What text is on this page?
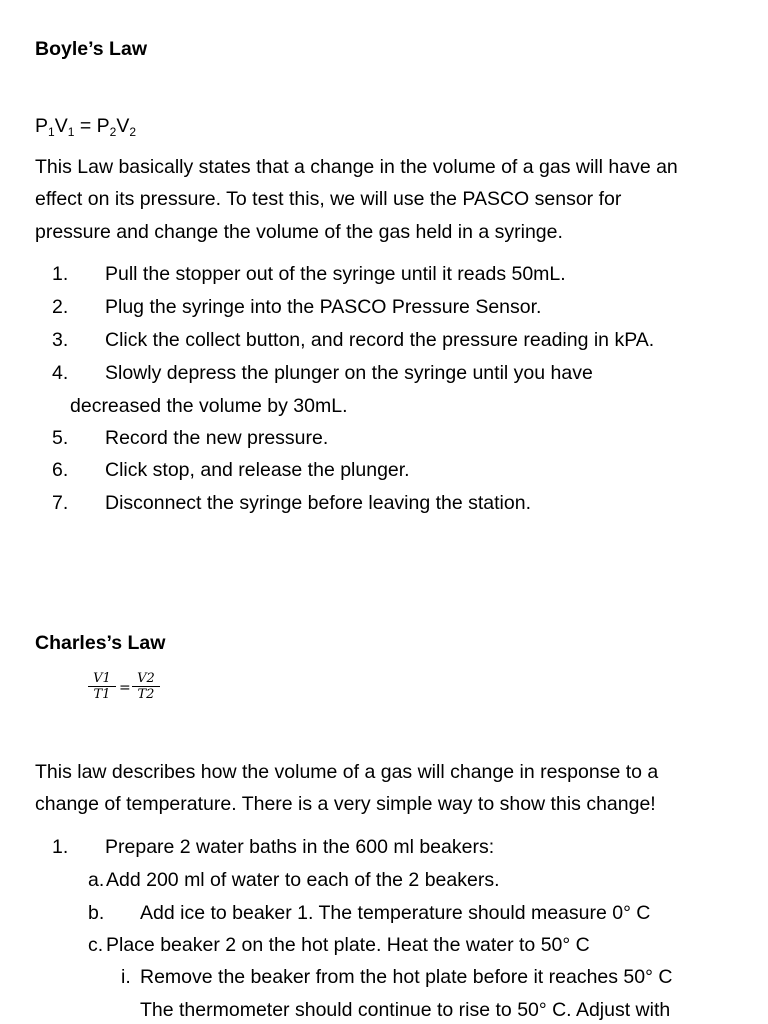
Boyle’s Law
$P_1V_1 = P_2V_2$
This Law basically states that a change in the volume of a gas will have an
effect on its pressure. To test this, we will use the PASCO sensor for
pressure and change the volume of the gas held in a syringe.
1. Pull the stopper out of the syringe until it reads 50mL.
2. Plug the syringe into the PASCO Pressure Sensor.
3. Click the collect button, and record the pressure reading in kPA.
4. Slowly depress the plunger on the syringe until you have
decreased the volume by 30mL.
5. Record the new pressure.
6. Click stop, and release the plunger.
7. Disconnect the syringe before leaving the station.
Charles’s Law
$\frac{V1}{T1} = \frac{V2}{T2}$
This law describes how the volume of a gas will change in response to a
change of temperature. There is a very simple way to show this change!
1. Prepare 2 water baths in the 600 ml beakers:
a. Add 200 ml of water to each of the 2 beakers.
b. Add ice to beaker 1. The temperature should measure 0° C
c. Place beaker 2 on the hot plate. Heat the water to 50° C
i. Remove the beaker from the hot plate before it reaches 50° C
The thermometer should continue to rise to 50° C. Adjust with
